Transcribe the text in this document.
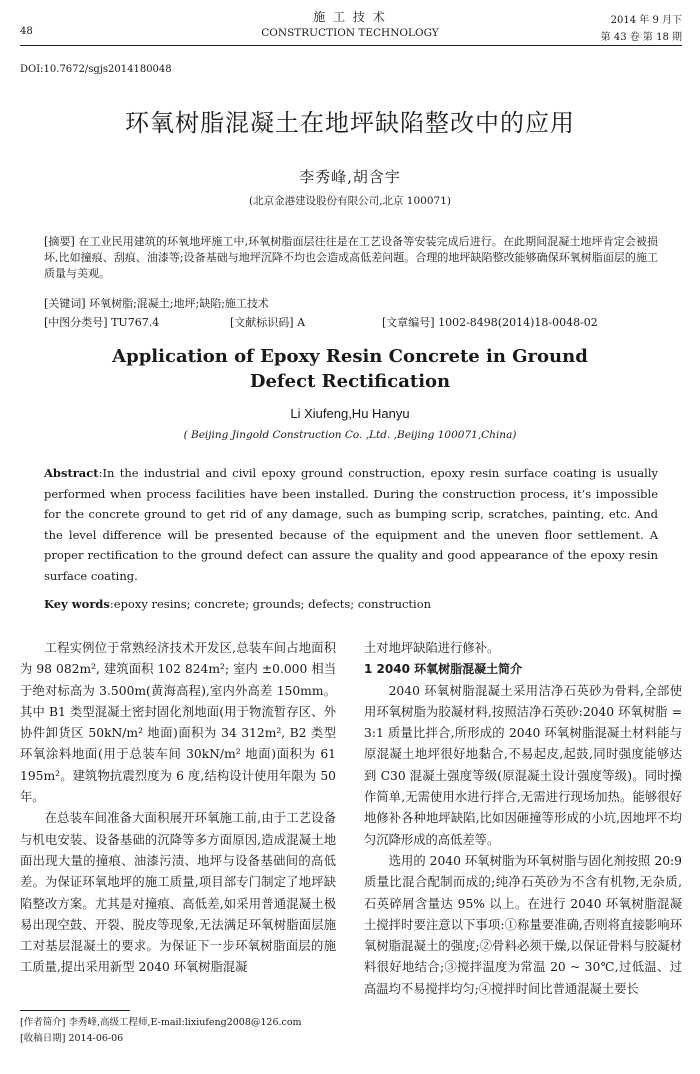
48
施 工 技 术
CONSTRUCTION TECHNOLOGY
2014 年 9 月下
第 43 卷 第 18 期
DOI:10.7672/sgjs2014180048
环氧树脂混凝土在地坪缺陷整改中的应用
李秀峰,胡含宇
(北京金港建设股份有限公司,北京 100071)
[摘要] 在工业民用建筑的环氧地坪施工中,环氧树脂面层往往是在工艺设备等安装完成后进行。在此期间混凝土地坪肯定会被损坏,比如撞痕、刮痕、油漆等;设备基础与地坪沉降不均也会造成高低差问题。合理的地坪缺陷整改能够确保环氧树脂面层的施工质量与美观。
[关键词] 环氧树脂;混凝土;地坪;缺陷;施工技术
[中图分类号] TU767.4	[文献标识码] A	[文章编号] 1002-8498(2014)18-0048-02
Application of Epoxy Resin Concrete in Ground
Defect Rectification
Li Xiufeng,Hu Hanyu
( Beijing Jingold Construction Co. ,Ltd. ,Beijing 100071,China)
Abstract:In the industrial and civil epoxy ground construction, epoxy resin surface coating is usually performed when process facilities have been installed. During the construction process, it’s impossible for the concrete ground to get rid of any damage, such as bumping scrip, scratches, painting, etc. And the level difference will be presented because of the equipment and the uneven floor settlement. A proper rectification to the ground defect can assure the quality and good appearance of the epoxy resin surface coating.
Key words:epoxy resins; concrete; grounds; defects; construction

工程实例位于常熟经济技术开发区,总装车间占地面积为 98 082m², 建筑面积 102 824m²; 室内 ±0.000 相当于绝对标高为 3.500m(黄海高程),室内外高差 150mm。其中 B1 类型混凝土密封固化剂地面(用于物流暂存区、外协件卸货区 50kN/m² 地面)面积为 34 312m², B2 类型环氧涂料地面(用于总装车间 30kN/m² 地面)面积为 61 195m²。建筑物抗震烈度为 6 度,结构设计使用年限为 50 年。

在总装车间准备大面积展开环氧施工前,由于工艺设备与机电安装、设备基础的沉降等多方面原因,造成混凝土地面出现大量的撞痕、油漆污渍、地坪与设备基础间的高低差。为保证环氧地坪的施工质量,项目部专门制定了地坪缺陷整改方案。尤其是对撞痕、高低差,如采用普通混凝土极易出现空鼓、开裂、脱皮等现象,无法满足环氧树脂面层施工对基层混凝土的要求。为保证下一步环氧树脂面层的施工质量,提出采用新型 2040 环氧树脂混凝

[作者简介] 李秀峰,高级工程师,E-mail:lixiufeng2008@126.com
[收稿日期] 2014-06-06

土对地坪缺陷进行修补。

1 2040 环氧树脂混凝土简介

2040 环氧树脂混凝土采用洁净石英砂为骨料,全部使用环氧树脂为胶凝材料,按照洁净石英砂:2040 环氧树脂 = 3:1 质量比拌合,所形成的 2040 环氧树脂混凝土材料能与原混凝土地坪很好地黏合,不易起皮,起鼓,同时强度能够达到 C30 混凝土强度等级(原混凝土设计强度等级)。同时操作简单,无需使用水进行拌合,无需进行现场加热。能够很好地修补各种地坪缺陷,比如因砸撞等形成的小坑,因地坪不均匀沉降形成的高低差等。

选用的 2040 环氧树脂为环氧树脂与固化剂按照 20:9 质量比混合配制而成的;纯净石英砂为不含有机物,无杂质,石英碎屑含量达 95% 以上。在进行 2040 环氧树脂混凝土搅拌时要注意以下事项:①称量要准确,否则将直接影响环氧树脂混凝土的强度;②骨料必须干燥,以保证骨料与胶凝材料很好地结合;③搅拌温度为常温 20 ~ 30℃,过低温、过高温均不易搅拌均匀;④搅拌时间比普通混凝土要长
